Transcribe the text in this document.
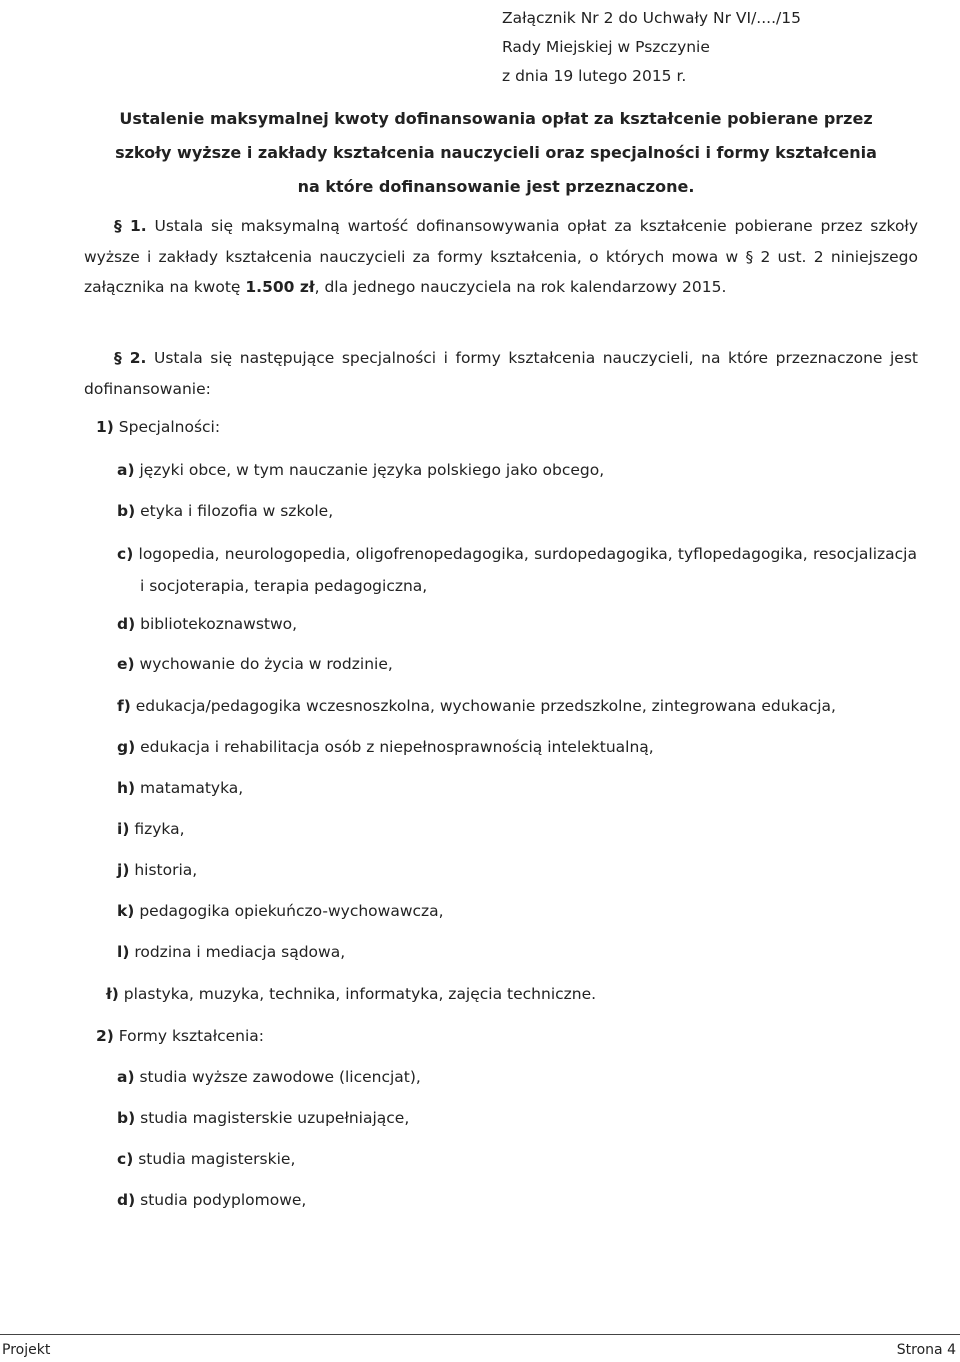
Załącznik Nr 2 do Uchwały Nr VI/..../15
Rady Miejskiej w Pszczynie
z dnia 19 lutego 2015 r.
Ustalenie maksymalnej kwoty dofinansowania opłat za kształcenie pobierane przez
szkoły wyższe i zakłady kształcenia nauczycieli oraz specjalności i formy kształcenia
na które dofinansowanie jest przeznaczone.
§ 1. Ustala się maksymalną wartość dofinansowywania opłat za kształcenie pobierane przez szkoły wyższe i zakłady kształcenia nauczycieli za formy kształcenia, o których mowa w § 2 ust. 2 niniejszego załącznika na kwotę 1.500 zł, dla jednego nauczyciela na rok kalendarzowy 2015.
§ 2. Ustala się następujące specjalności i formy kształcenia nauczycieli, na które przeznaczone jest dofinansowanie:
1) Specjalności:
a) języki obce, w tym nauczanie języka polskiego jako obcego,
b) etyka i filozofia w szkole,
c) logopedia, neurologopedia, oligofrenopedagogika, surdopedagogika, tyflopedagogika, resocjalizacja i socjoterapia, terapia pedagogiczna,
d) bibliotekoznawstwo,
e) wychowanie do życia w rodzinie,
f) edukacja/pedagogika wczesnoszkolna, wychowanie przedszkolne, zintegrowana edukacja,
g) edukacja i rehabilitacja osób z niepełnosprawnością intelektualną,
h) matamatyka,
i) fizyka,
j) historia,
k) pedagogika opiekuńczo-wychowawcza,
l) rodzina i mediacja sądowa,
ł) plastyka, muzyka, technika, informatyka, zajęcia techniczne.
2) Formy kształcenia:
a) studia wyższe zawodowe (licencjat),
b) studia magisterskie uzupełniające,
c) studia magisterskie,
d) studia podyplomowe,
Projekt	Strona 4
